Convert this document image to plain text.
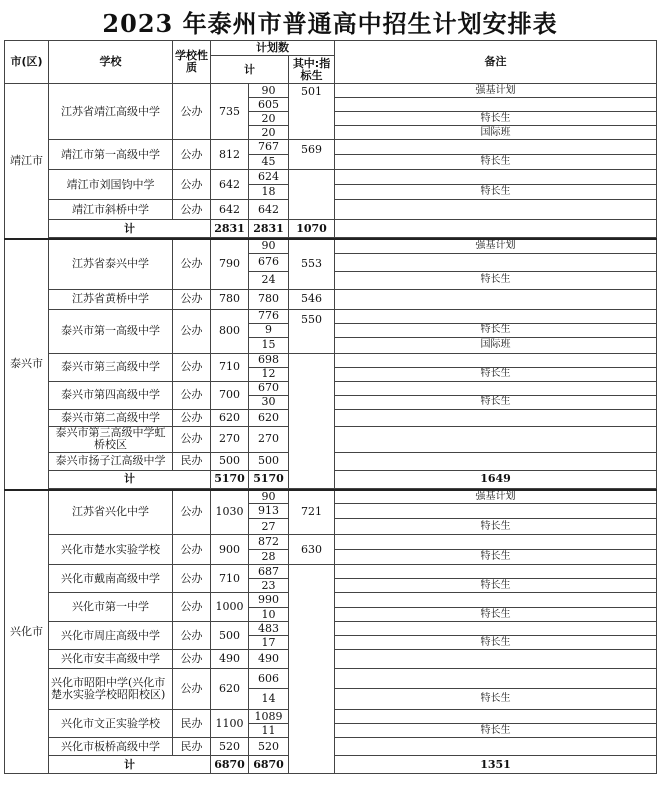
2023 年泰州市普通高中招生计划安排表
市(区)	学校	学校性质	计划数			备注	
			计		其中:指标生		
靖江市	江苏省靖江高级中学	公办	735	90	501	强基计划	
				605			
				20		特长生	
				20		国际班	
	靖江市第一高级中学	公办	812	767	569		
				45		特长生	
	靖江市刘国钧中学	公办	642	624			
				18		特长生	
	靖江市斜桥中学	公办	642	642			
	计		2831	2831	1070		

泰兴市	江苏省泰兴中学	公办	790	90	553	强基计划	
				676			
				24		特长生	
	江苏省黄桥中学	公办	780	780	546		
	泰兴市第一高级中学	公办	800	776	550		
				9		特长生	
				15		国际班	
	泰兴市第三高级中学	公办	710	698			
				12		特长生	
	泰兴市第四高级中学	公办	700	670			
				30		特长生	
	泰兴市第二高级中学	公办	620	620			
	泰兴市第三高级中学虹桥校区	公办	270	270			
	泰兴市扬子江高级中学	民办	500	500			
	计		5170	5170		1649	

兴化市	江苏省兴化中学	公办	1030	90	721	强基计划	
				913			
				27		特长生	
	兴化市楚水实验学校	公办	900	872	630		
				28		特长生	
	兴化市戴南高级中学	公办	710	687			
				23		特长生	
	兴化市第一中学	公办	1000	990			
				10		特长生	
	兴化市周庄高级中学	公办	500	483			
				17		特长生	
	兴化市安丰高级中学	公办	490	490			
	兴化市昭阳中学(兴化市楚水实验学校昭阳校区)	公办	620	606			
				14		特长生	
	兴化市文正实验学校	民办	1100	1089			
				11		特长生	
	兴化市板桥高级中学	民办	520	520			
	计		6870	6870		1351	
